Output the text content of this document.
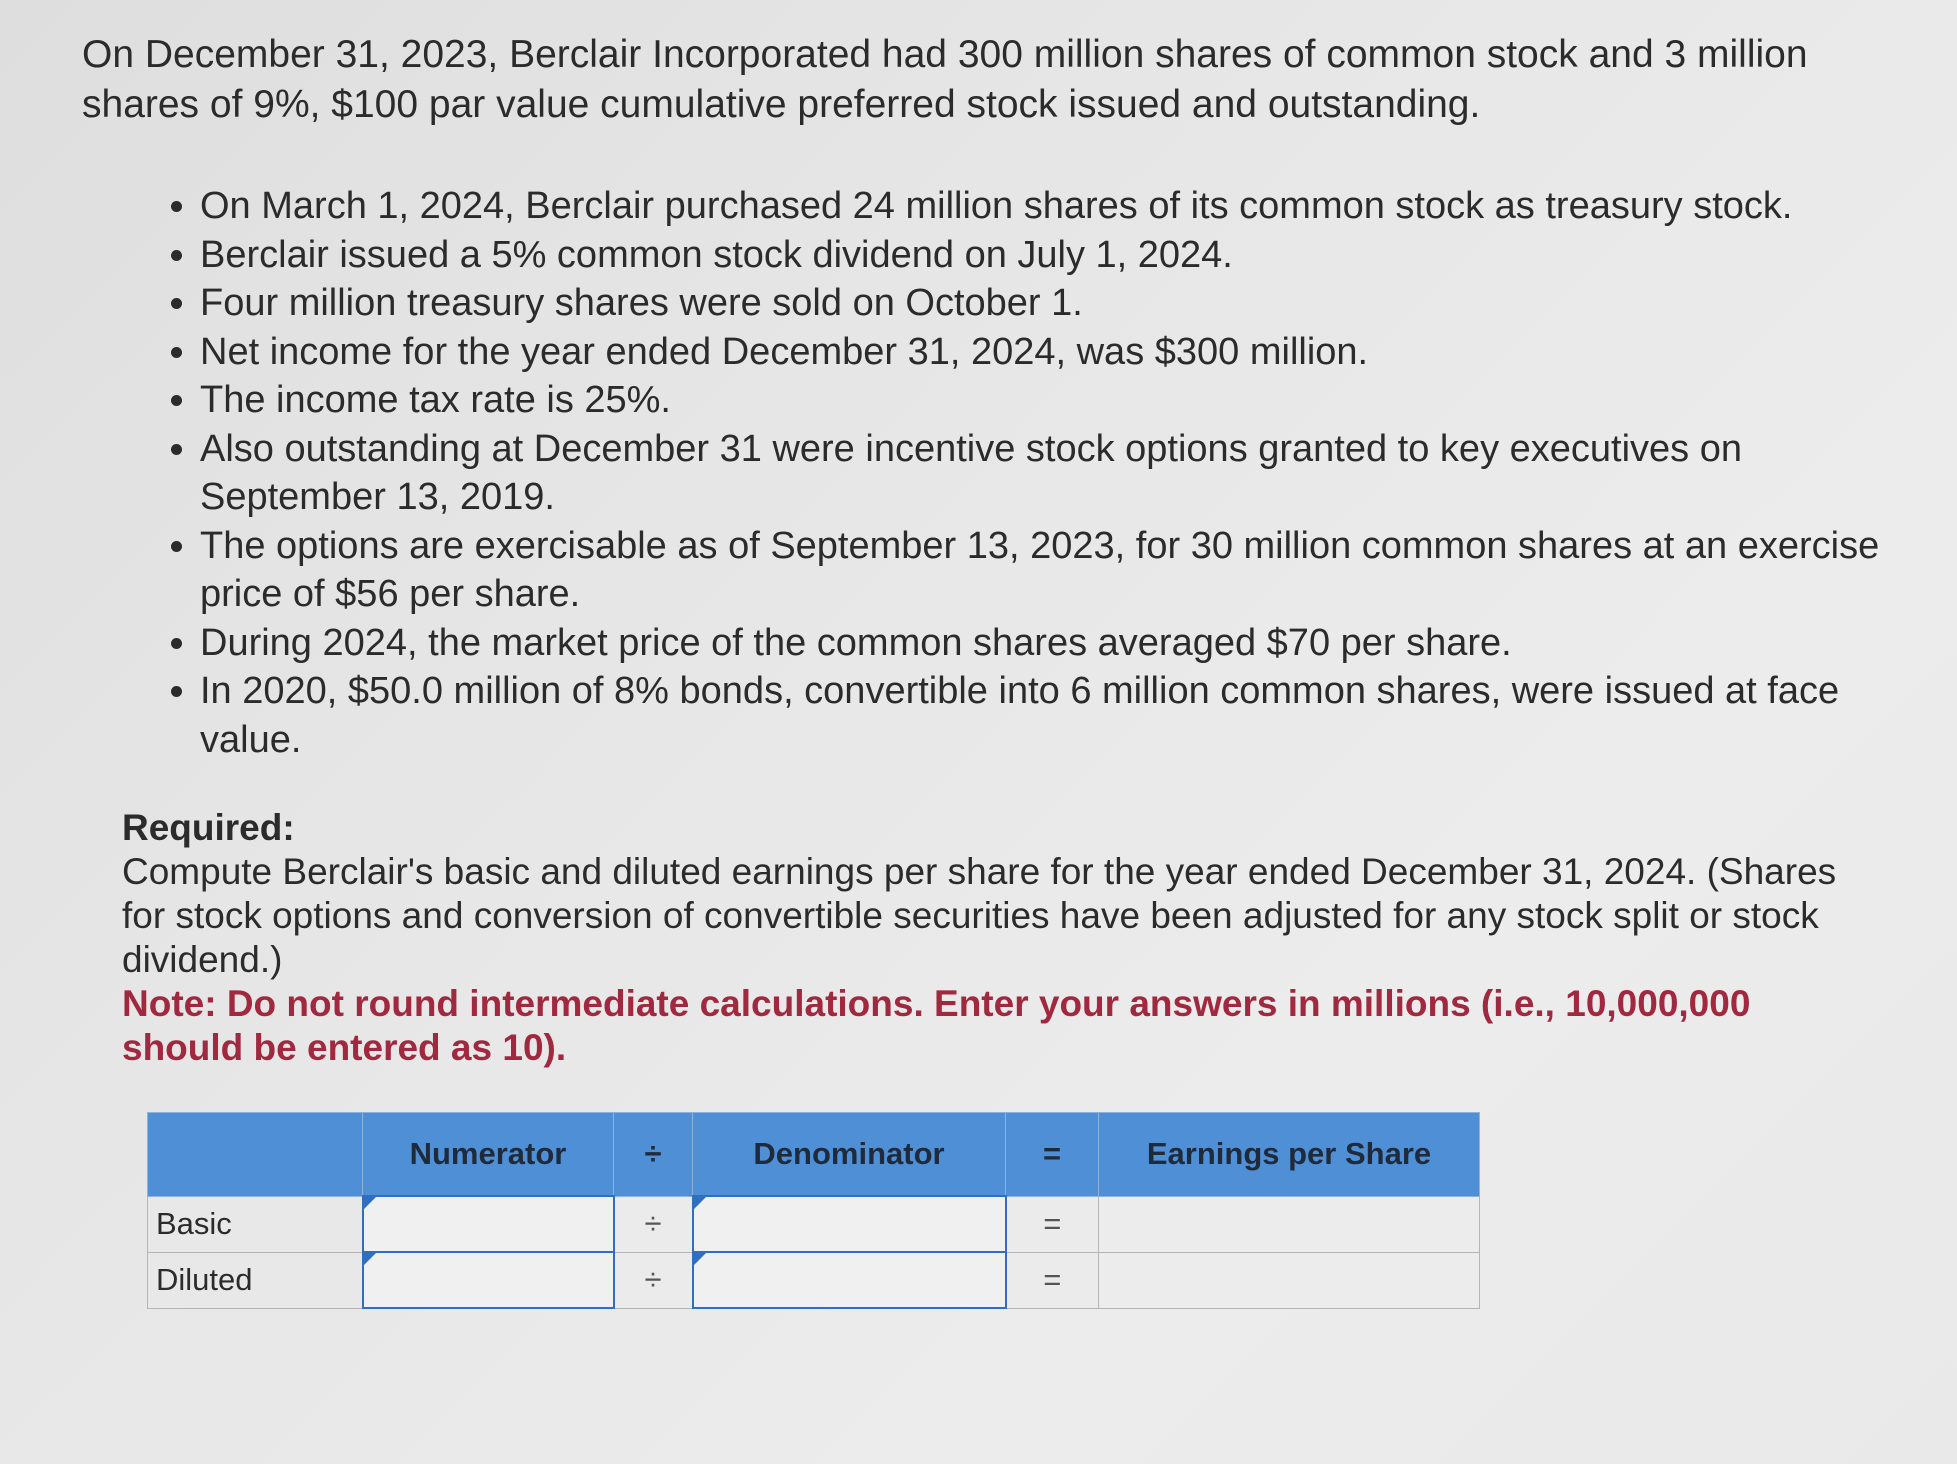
On December 31, 2023, Berclair Incorporated had 300 million shares of common stock and 3 million shares of 9%, $100 par value cumulative preferred stock issued and outstanding.

• On March 1, 2024, Berclair purchased 24 million shares of its common stock as treasury stock.
• Berclair issued a 5% common stock dividend on July 1, 2024.
• Four million treasury shares were sold on October 1.
• Net income for the year ended December 31, 2024, was $300 million.
• The income tax rate is 25%.
• Also outstanding at December 31 were incentive stock options granted to key executives on September 13, 2019.
• The options are exercisable as of September 13, 2023, for 30 million common shares at an exercise price of $56 per share.
• During 2024, the market price of the common shares averaged $70 per share.
• In 2020, $50.0 million of 8% bonds, convertible into 6 million common shares, were issued at face value.

Required:

Compute Berclair's basic and diluted earnings per share for the year ended December 31, 2024. (Shares for stock options and conversion of convertible securities have been adjusted for any stock split or stock dividend.)

Note: Do not round intermediate calculations. Enter your answers in millions (i.e., 10,000,000 should be entered as 10).

	Numerator	÷	Denominator	=	Earnings per Share
Basic		÷		=	
Diluted		÷		=	
